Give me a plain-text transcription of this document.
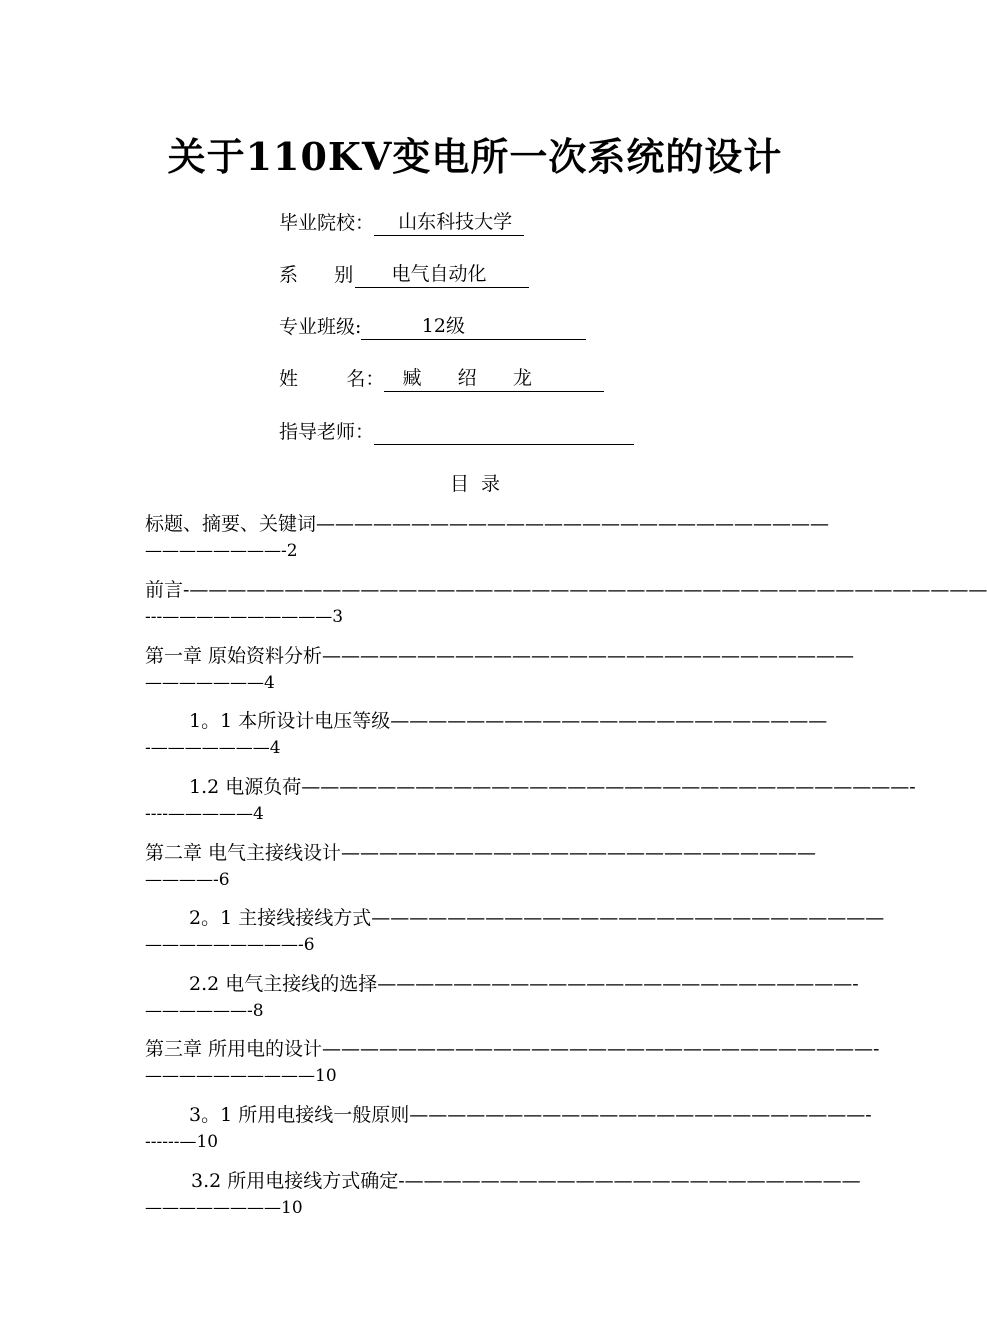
关于110KV变电所一次系统的设计
毕业院校：    山东科技大学
系      别      电气自动化
专业班级:          12级
姓        名：   臧      绍      龙
指导老师：
目  录
标题、摘要、关键词———————————————————————————
————————-2
前言-——————————————————————————————————————————
---——————————3
第一章 原始资料分析————————————————————————————
———————4
1。1 本所设计电压等级———————————————————————
-———————4
1.2 电源负荷————————————————————————————————-
----—————4
第二章 电气主接线设计—————————————————————————
————-6
2。1 主接线接线方式———————————————————————————
—————————-6
2.2 电气主接线的选择—————————————————————————-
——————-8
第三章 所用电的设计—————————————————————————————-
——————————10
3。1 所用电接线一般原则————————————————————————-
------—10
3.2 所用电接线方式确定-————————————————————————
————————10
